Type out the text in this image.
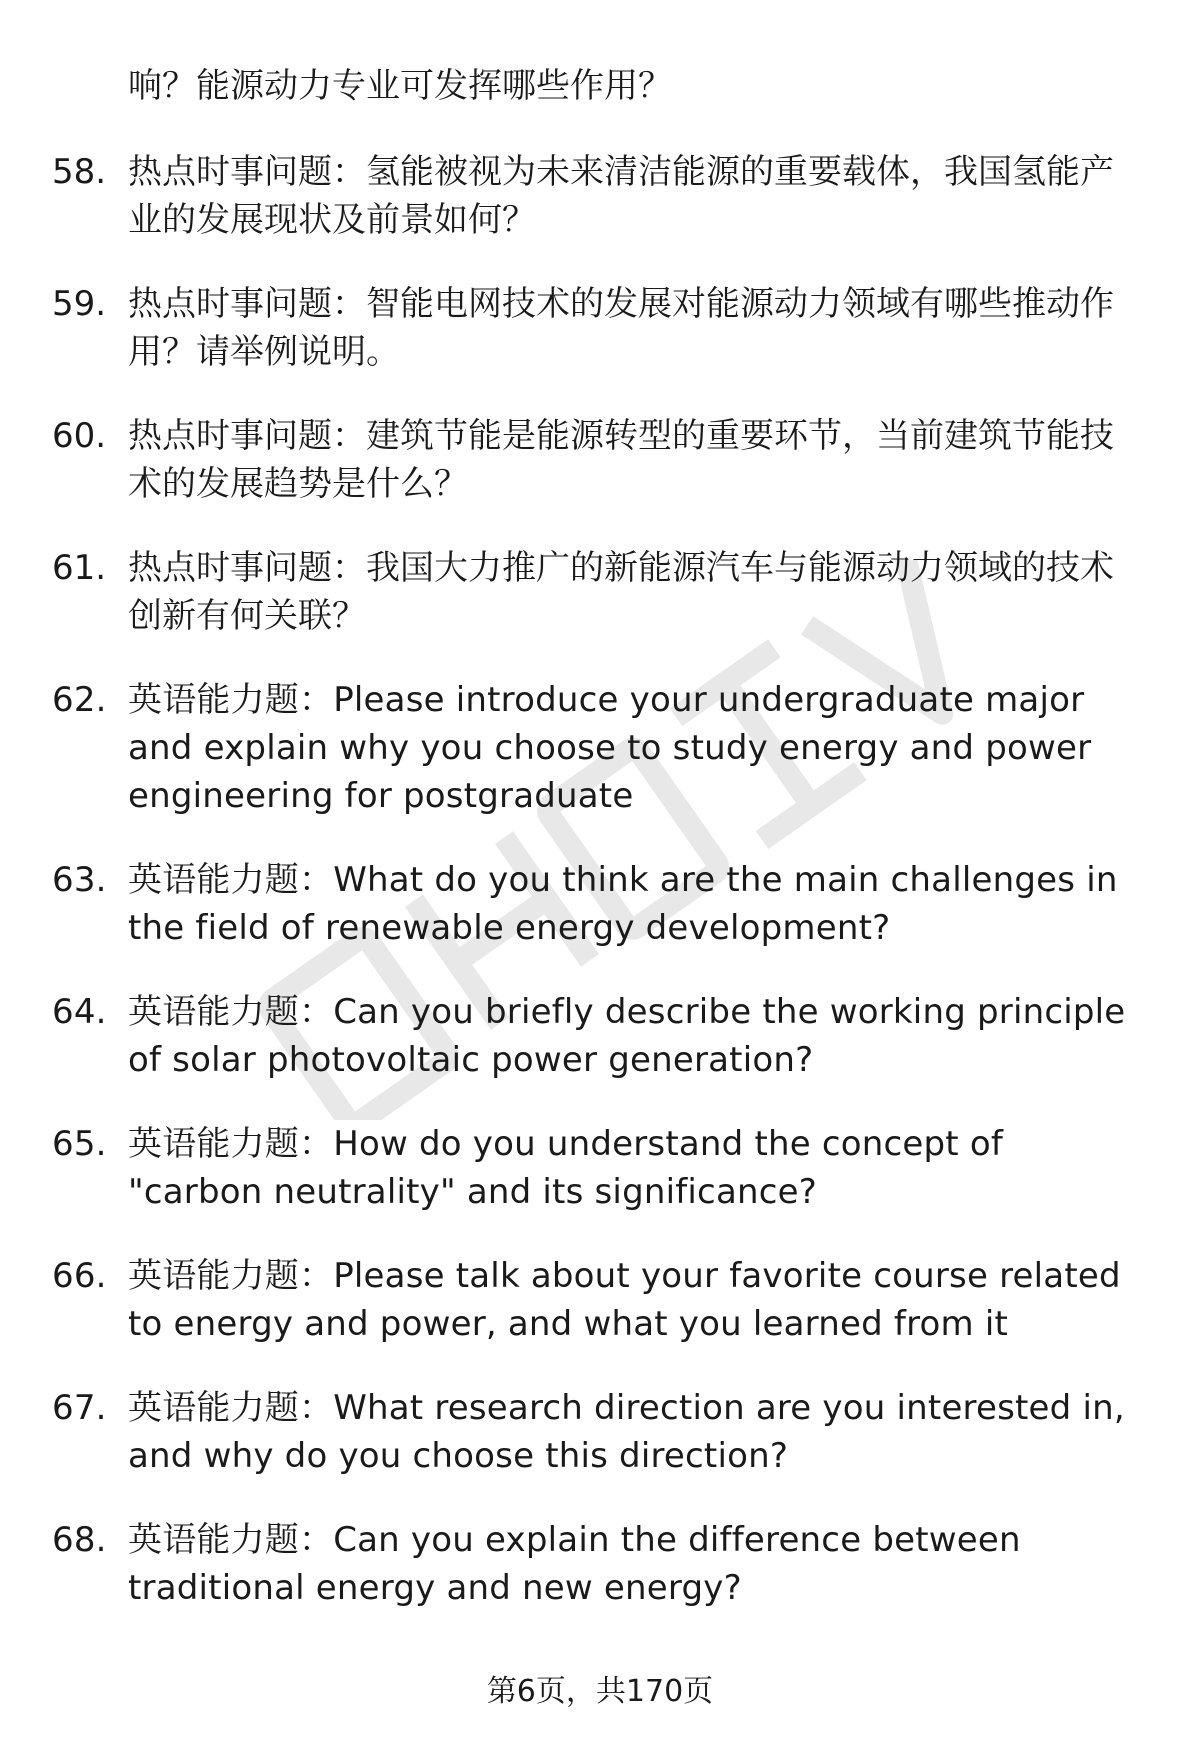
响？能源动力专业可发挥哪些作用？
58. 热点时事问题：氢能被视为未来清洁能源的重要载体，我国氢能产业的发展现状及前景如何？
59. 热点时事问题：智能电网技术的发展对能源动力领域有哪些推动作用？请举例说明。
60. 热点时事问题：建筑节能是能源转型的重要环节，当前建筑节能技术的发展趋势是什么？
61. 热点时事问题：我国大力推广的新能源汽车与能源动力领域的技术创新有何关联？
62. 英语能力题：Please introduce your undergraduate major and explain why you choose to study energy and power engineering for postgraduate
63. 英语能力题：What do you think are the main challenges in the field of renewable energy development?
64. 英语能力题：Can you briefly describe the working principle of solar photovoltaic power generation?
65. 英语能力题：How do you understand the concept of "carbon neutrality" and its significance?
66. 英语能力题：Please talk about your favorite course related to energy and power, and what you learned from it
67. 英语能力题：What research direction are you interested in, and why do you choose this direction?
68. 英语能力题：Can you explain the difference between traditional energy and new energy?
第6页，共170页
